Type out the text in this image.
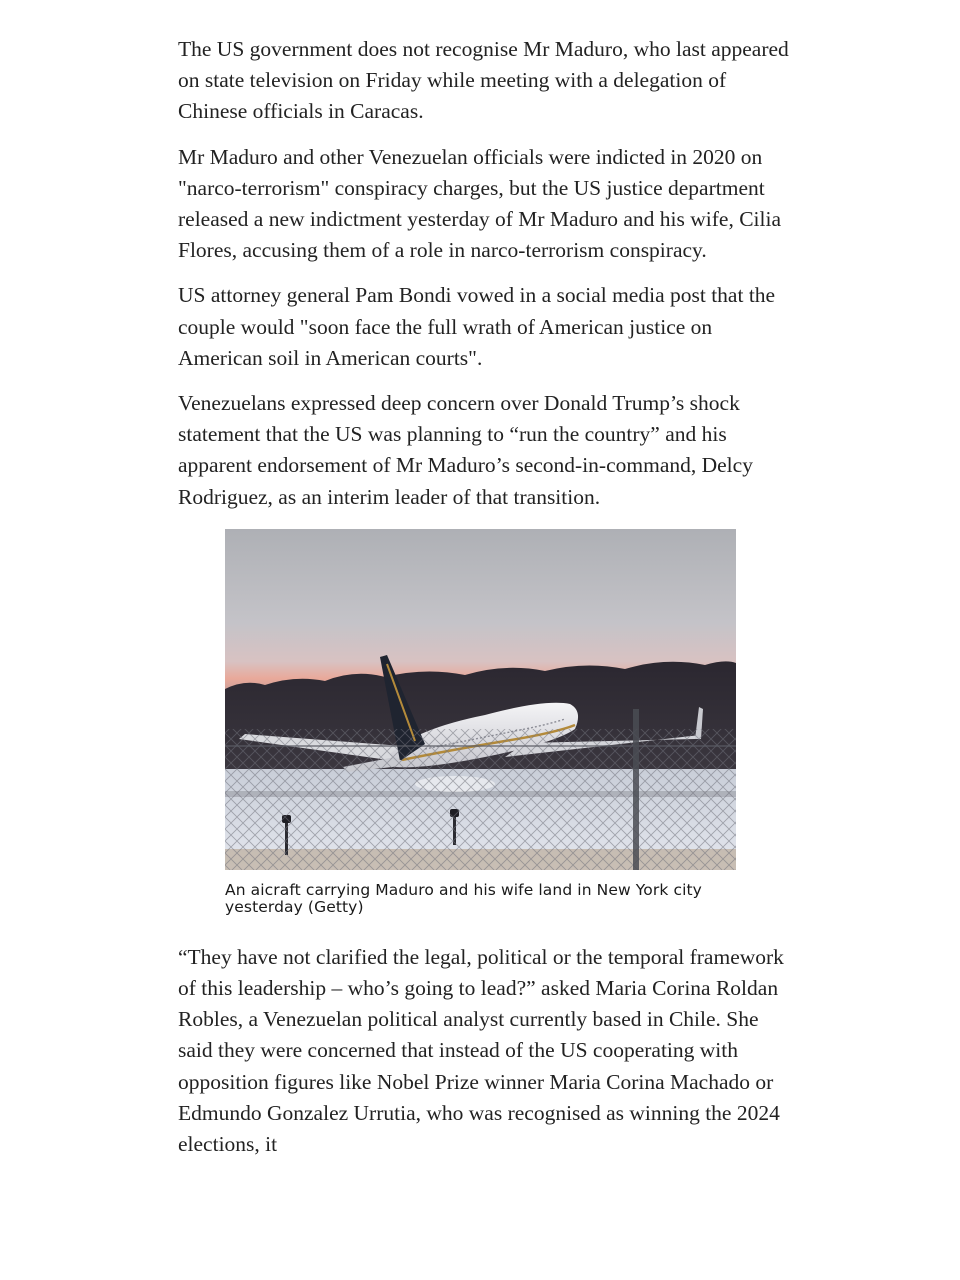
The US government does not recognise Mr Maduro, who last appeared on state television on Friday while meeting with a delegation of Chinese officials in Caracas.

Mr Maduro and other Venezuelan officials were indicted in 2020 on "narco-terrorism" conspiracy charges, but the US justice department released a new indictment yesterday of Mr Maduro and his wife, Cilia Flores, accusing them of a role in narco-terrorism conspiracy.

US attorney general Pam Bondi vowed in a social media post that the couple would "soon face the full wrath of American justice on American soil in American courts".

Venezuelans expressed deep concern over Donald Trump’s shock statement that the US was planning to “run the country” and his apparent endorsement of Mr Maduro’s second-in-command, Delcy Rodriguez, as an interim leader of that transition.

An aicraft carrying Maduro and his wife land in New York city yesterday (Getty)

“They have not clarified the legal, political or the temporal framework of this leadership – who’s going to lead?” asked Maria Corina Roldan Robles, a Venezuelan political analyst currently based in Chile. She said they were concerned that instead of the US cooperating with opposition figures like Nobel Prize winner Maria Corina Machado or Edmundo Gonzalez Urrutia, who was recognised as winning the 2024 elections, it
